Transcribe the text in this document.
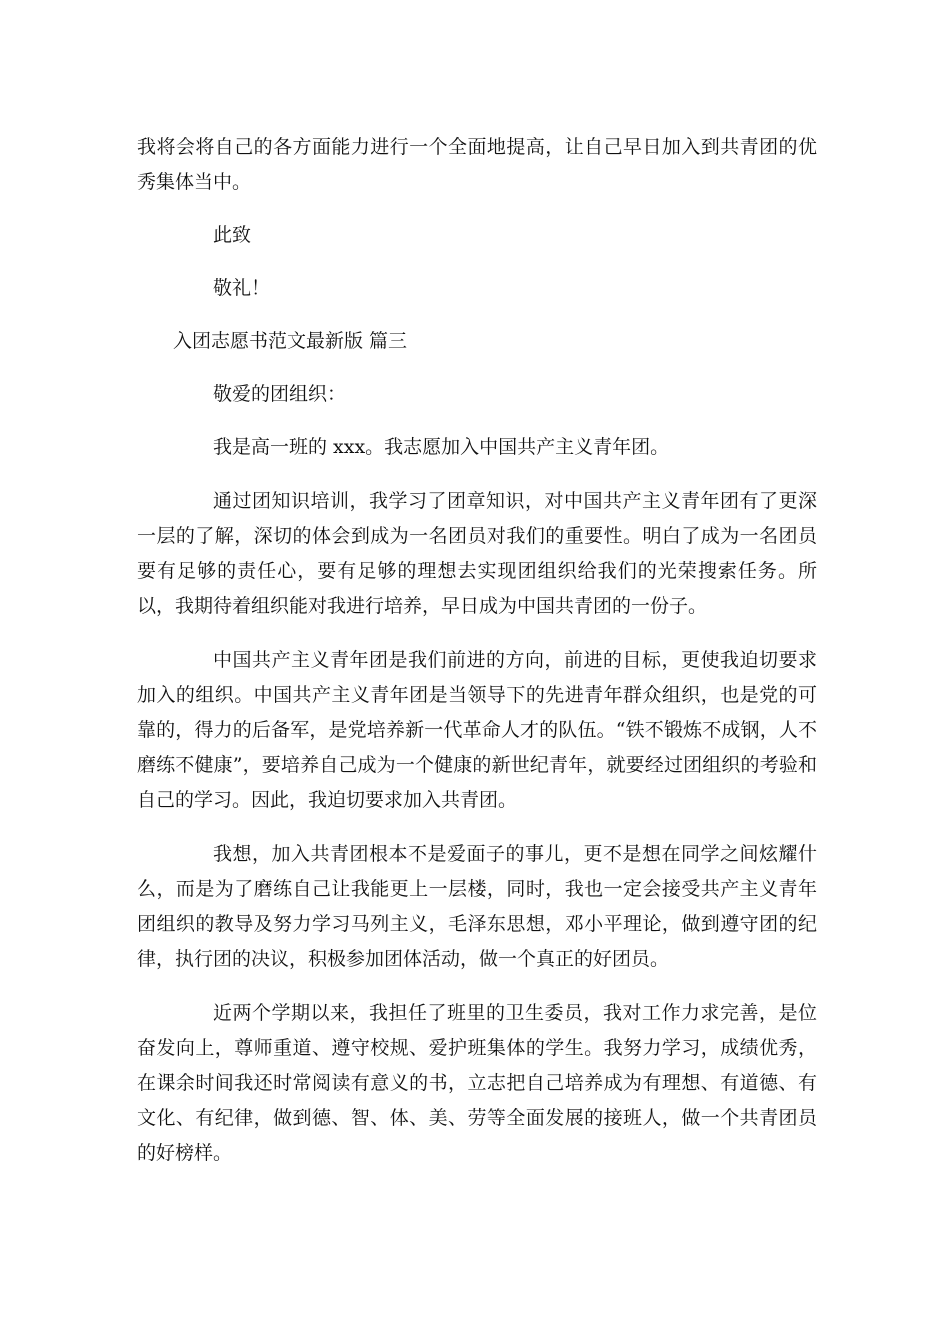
我将会将自己的各方面能力进行一个全面地提高，让自己早日加入到共青团的优秀集体当中。

此致

敬礼！

入团志愿书范文最新版 篇三

敬爱的团组织：

我是高一班的 xxx。我志愿加入中国共产主义青年团。

通过团知识培训，我学习了团章知识，对中国共产主义青年团有了更深一层的了解，深切的体会到成为一名团员对我们的重要性。明白了成为一名团员要有足够的责任心，要有足够的理想去实现团组织给我们的光荣搜索任务。所以，我期待着组织能对我进行培养，早日成为中国共青团的一份子。

中国共产主义青年团是我们前进的方向，前进的目标，更使我迫切要求加入的组织。中国共产主义青年团是当领导下的先进青年群众组织，也是党的可靠的，得力的后备军，是党培养新一代革命人才的队伍。“铁不锻炼不成钢，人不磨练不健康”，要培养自己成为一个健康的新世纪青年，就要经过团组织的考验和自己的学习。因此，我迫切要求加入共青团。

我想，加入共青团根本不是爱面子的事儿，更不是想在同学之间炫耀什么，而是为了磨练自己让我能更上一层楼，同时，我也一定会接受共产主义青年团组织的教导及努力学习马列主义，毛泽东思想，邓小平理论，做到遵守团的纪律，执行团的决议，积极参加团体活动，做一个真正的好团员。

近两个学期以来，我担任了班里的卫生委员，我对工作力求完善，是位奋发向上，尊师重道、遵守校规、爱护班集体的学生。我努力学习，成绩优秀，在课余时间我还时常阅读有意义的书，立志把自己培养成为有理想、有道德、有文化、有纪律，做到德、智、体、美、劳等全面发展的接班人，做一个共青团员的好榜样。
